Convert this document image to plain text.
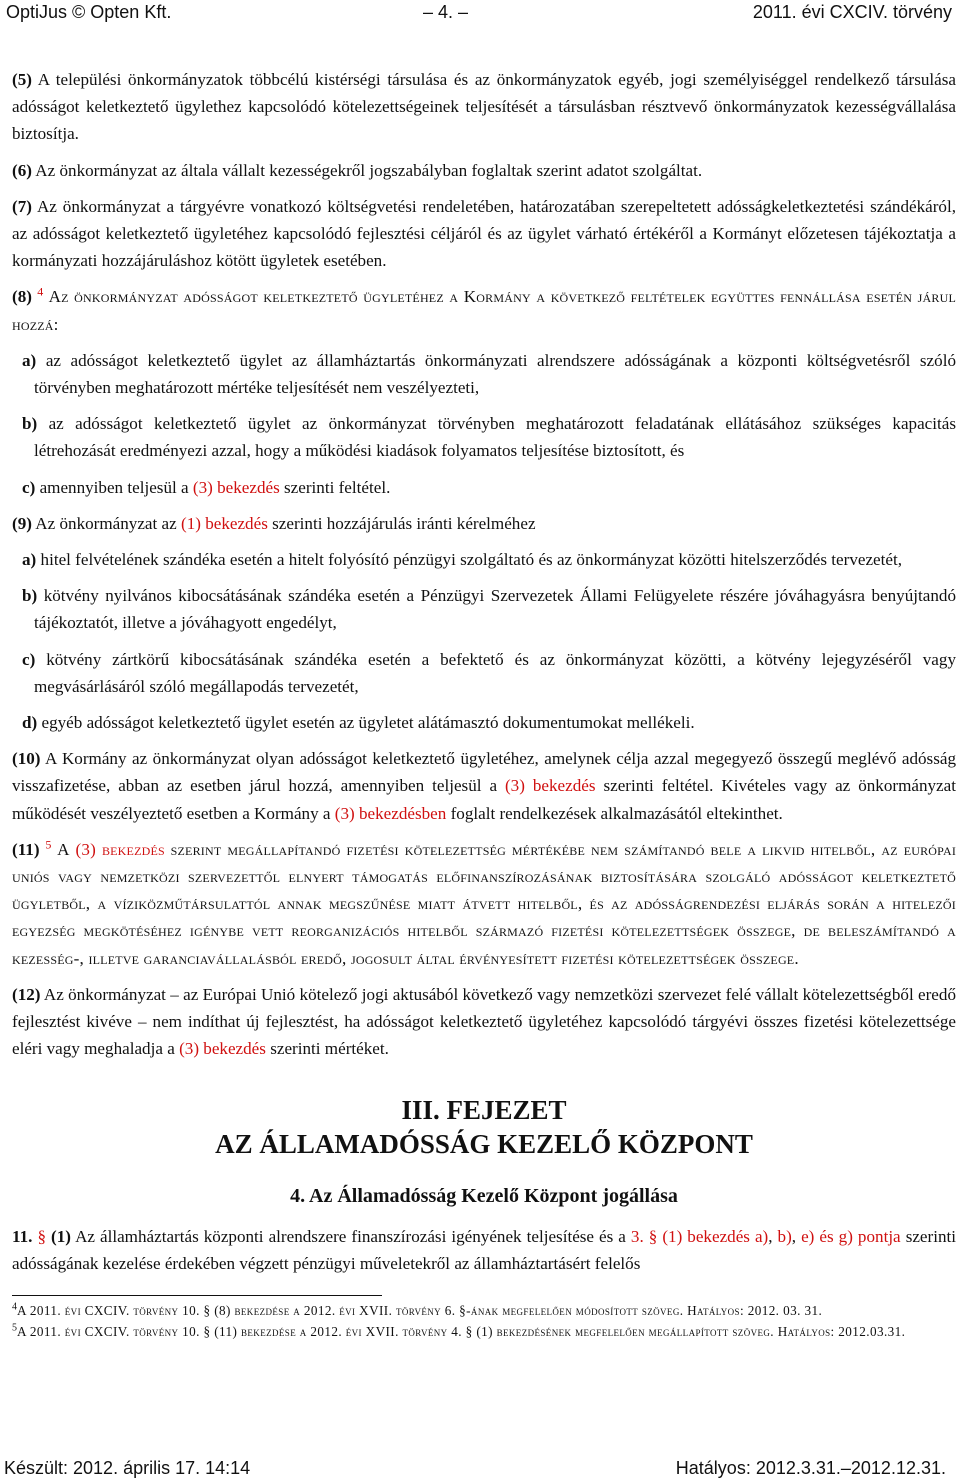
OptiJus © Opten Kft.	– 4. –	2011. évi CXCIV. törvény

(5) A települési önkormányzatok többcélú kistérségi társulása és az önkormányzatok egyéb, jogi személyiséggel rendelkező társulása adósságot keletkeztető ügylethez kapcsolódó kötelezettségeinek teljesítését a társulásban résztvevő önkormányzatok kezességvállalása biztosítja.

(6) Az önkormányzat az általa vállalt kezességekről jogszabályban foglaltak szerint adatot szolgáltat.

(7) Az önkormányzat a tárgyévre vonatkozó költségvetési rendeletében, határozatában szerepeltetett adósságkeletkeztetési szándékáról, az adósságot keletkeztető ügyletéhez kapcsolódó fejlesztési céljáról és az ügylet várható értékéről a Kormányt előzetesen tájékoztatja a kormányzati hozzájáruláshoz kötött ügyletek esetében.

(8) $^4$ Az önkormányzat adósságot keletkeztető ügyletéhez a Kormány a következő feltételek együttes fennállása esetén járul hozzá:

a) az adósságot keletkeztető ügylet az államháztartás önkormányzati alrendszere adósságának a központi költségvetésről szóló törvényben meghatározott mértéke teljesítését nem veszélyezteti,

b) az adósságot keletkeztető ügylet az önkormányzat törvényben meghatározott feladatának ellátásához szükséges kapacitás létrehozását eredményezi azzal, hogy a működési kiadások folyamatos teljesítése biztosított, és

c) amennyiben teljesül a (3) bekezdés szerinti feltétel.

(9) Az önkormányzat az (1) bekezdés szerinti hozzájárulás iránti kérelméhez

a) hitel felvételének szándéka esetén a hitelt folyósító pénzügyi szolgáltató és az önkormányzat közötti hitelszerződés tervezetét,

b) kötvény nyilvános kibocsátásának szándéka esetén a Pénzügyi Szervezetek Állami Felügyelete részére jóváhagyásra benyújtandó tájékoztatót, illetve a jóváhagyott engedélyt,

c) kötvény zártkörű kibocsátásának szándéka esetén a befektető és az önkormányzat közötti, a kötvény lejegyzéséről vagy megvásárlásáról szóló megállapodás tervezetét,

d) egyéb adósságot keletkeztető ügylet esetén az ügyletet alátámasztó dokumentumokat mellékeli.

(10) A Kormány az önkormányzat olyan adósságot keletkeztető ügyletéhez, amelynek célja azzal megegyező összegű meglévő adósság visszafizetése, abban az esetben járul hozzá, amennyiben teljesül a (3) bekezdés szerinti feltétel. Kivételes vagy az önkormányzat működését veszélyeztető esetben a Kormány a (3) bekezdésben foglalt rendelkezések alkalmazásától eltekinthet.

(11) $^5$ A (3) bekezdés szerint megállapítandó fizetési kötelezettség mértékébe nem számítandó bele a likvid hitelből, az európai uniós vagy nemzetközi szervezettől elnyert támogatás előfinanszírozásának biztosítására szolgáló adósságot keletkeztető ügyletből, a víziközműtársulattól annak megszűnése miatt átvett hitelből, és az adósságrendezési eljárás során a hitelezői egyezség megkötéséhez igénybe vett reorganizációs hitelből származó fizetési kötelezettségek összege, de beleszámítandó a kezesség-, illetve garanciavállalásból eredő, jogosult által érvényesített fizetési kötelezettségek összege.

(12) Az önkormányzat – az Európai Unió kötelező jogi aktusából következő vagy nemzetközi szervezet felé vállalt kötelezettségből eredő fejlesztést kivéve – nem indíthat új fejlesztést, ha adósságot keletkeztető ügyletéhez kapcsolódó tárgyévi összes fizetési kötelezettsége eléri vagy meghaladja a (3) bekezdés szerinti mértéket.

III. FEJEZET
AZ ÁLLAMADÓSSÁG KEZELŐ KÖZPONT
4. Az Államadósság Kezelő Központ jogállása

11. § (1) Az államháztartás központi alrendszere finanszírozási igényének teljesítése és a 3. § (1) bekezdés a), b), e) és g) pontja szerinti adósságának kezelése érdekében végzett pénzügyi műveletekről az államháztartásért felelős

$^4$A 2011. évi CXCIV. törvény 10. § (8) bekezdése a 2012. évi XVII. törvény 6. §-ának megfelelően módosított szöveg. Hatályos: 2012. 03. 31.

$^5$A 2011. évi CXCIV. törvény 10. § (11) bekezdése a 2012. évi XVII. törvény 4. § (1) bekezdésének megfelelően megállapított szöveg. Hatályos: 2012.03.31.

Készült: 2012. április 17. 14:14	Hatályos: 2012.3.31.–2012.12.31.
